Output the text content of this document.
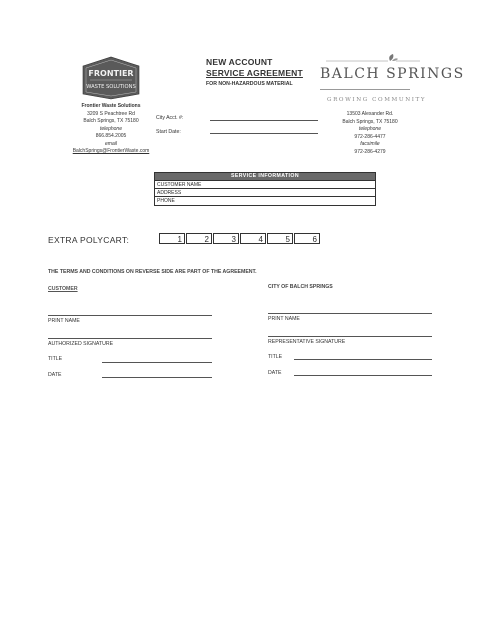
FRONTIER
WASTE SOLUTIONS
Frontier Waste Solutions
3209 S Peachtree Rd
Balch Springs, TX 75180
telephone
866.854.2005
email
BalchSprings@FrontierWaste.com
NEW ACCOUNT
SERVICE AGREEMENT
FOR NON-HAZARDOUS MATERIAL
City Acct. #:
Start Date:
BALCH SPRINGS
GROWING COMMUNITY
13503 Alexander Rd.
Balch Springs, TX 75180
telephone
972-286-4477
facsimile
972-286-4279
SERVICE INFORMATION
CUSTOMER NAME
ADDRESS
PHONE
EXTRA POLYCART:	1	2	3	4	5	6
THE TERMS AND CONDITIONS ON REVERSE SIDE ARE PART OF THE AGREEMENT.
CUSTOMER
PRINT NAME
AUTHORIZED SIGNATURE
TITLE
DATE
CITY OF BALCH SPRINGS
PRINT NAME
REPRESENTATIVE SIGNATURE
TITLE
DATE
